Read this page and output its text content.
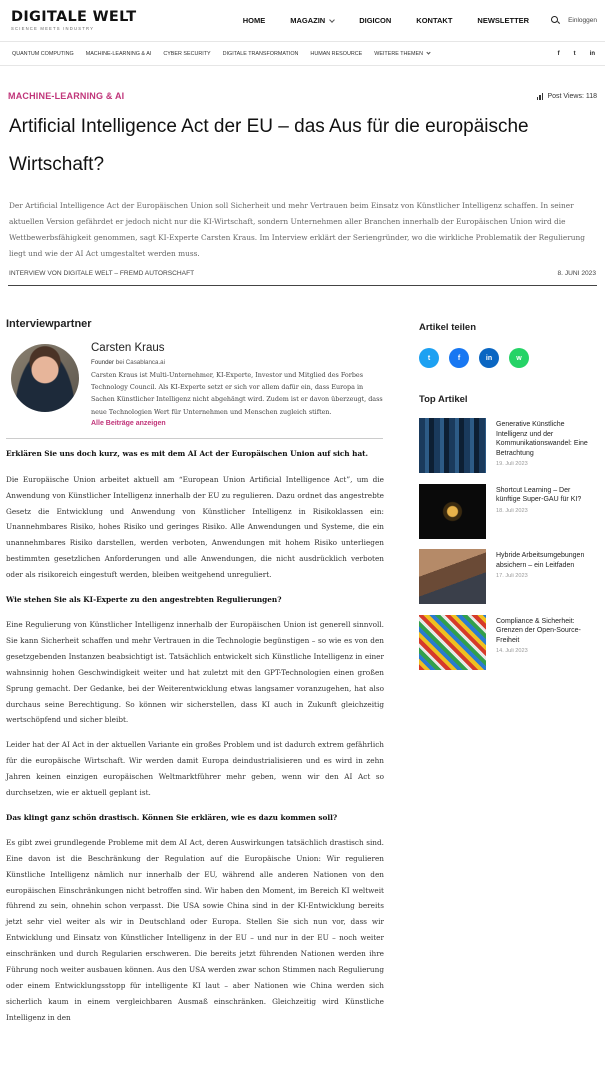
DIGITALE WELT
SCIENCE MEETS INDUSTRY
HOME	MAGAZIN	DIGICON	KONTAKT	NEWSLETTER	Einloggen
QUANTUM COMPUTING MACHINE-LEARNING & AI CYBER SECURITY DIGITALE TRANSFORMATION HUMAN RESOURCE WEITERE THEMEN	f t in
MACHINE-LEARNING & AI	Post Views: 118
Artificial Intelligence Act der EU – das Aus für die europäische Wirtschaft?

Der Artificial Intelligence Act der Europäischen Union soll Sicherheit und mehr Vertrauen beim Einsatz von Künstlicher Intelligenz schaffen. In seiner aktuellen Version gefährdet er jedoch nicht nur die KI-Wirtschaft, sondern Unternehmen aller Branchen innerhalb der Europäischen Union wird die Wettbewerbsfähigkeit genommen, sagt KI-Experte Carsten Kraus. Im Interview erklärt der Seriengründer, wo die wirkliche Problematik der Regulierung liegt und wie der AI Act umgestaltet werden muss.

INTERVIEW VON DIGITALE WELT – FREMD AUTORSCHAFT	8. JUNI 2023
Interviewpartner
Carsten Kraus
Founder bei Casablanca.ai
Carsten Kraus ist Multi-Unternehmer, KI-Experte, Investor und Mitglied des Forbes Technology Council. Als KI-Experte setzt er sich vor allem dafür ein, dass Europa in Sachen Künstlicher Intelligenz nicht abgehängt wird. Zudem ist er davon überzeugt, dass neue Technologien Wert für Unternehmen und Menschen zugleich stiften.
Alle Beiträge anzeigen

Erklären Sie uns doch kurz, was es mit dem AI Act der Europäischen Union auf sich hat.

Die Europäische Union arbeitet aktuell am “European Union Artificial Intelligence Act”, um die Anwendung von Künstlicher Intelligenz innerhalb der EU zu regulieren. Dazu ordnet das angestrebte Gesetz die Entwicklung und Anwendung von Künstlicher Intelligenz in Risikoklassen ein: Unannehmbares Risiko, hohes Risiko und geringes Risiko. Alle Anwendungen und Systeme, die ein unannehmbares Risiko darstellen, werden verboten, Anwendungen mit hohem Risiko unterliegen bestimmten gesetzlichen Anforderungen und alle Anwendungen, die nicht ausdrücklich verboten oder als risikoreich eingestuft werden, bleiben weitgehend unreguliert.

Wie stehen Sie als KI-Experte zu den angestrebten Regulierungen?

Eine Regulierung von Künstlicher Intelligenz innerhalb der Europäischen Union ist generell sinnvoll. Sie kann Sicherheit schaffen und mehr Vertrauen in die Technologie begünstigen – so wie es von den gesetzgebenden Instanzen beabsichtigt ist. Tatsächlich entwickelt sich Künstliche Intelligenz in einer wahnsinnig hohen Geschwindigkeit weiter und hat zuletzt mit den GPT-Technologien einen großen Sprung gemacht. Der Gedanke, bei der Weiterentwicklung etwas langsamer voranzugehen, hat also durchaus seine Berechtigung. So können wir sicherstellen, dass KI auch in Zukunft gleichzeitig wertschöpfend und sicher bleibt.

Leider hat der AI Act in der aktuellen Variante ein großes Problem und ist dadurch extrem gefährlich für die europäische Wirtschaft. Wir werden damit Europa deindustrialisieren und es wird in zehn Jahren keinen einzigen europäischen Weltmarktführer mehr geben, wenn wir den AI Act so durchsetzen, wie er aktuell geplant ist.

Das klingt ganz schön drastisch. Können Sie erklären, wie es dazu kommen soll?

Es gibt zwei grundlegende Probleme mit dem AI Act, deren Auswirkungen tatsächlich drastisch sind. Eine davon ist die Beschränkung der Regulation auf die Europäische Union: Wir regulieren Künstliche Intelligenz nämlich nur innerhalb der EU, während alle anderen Nationen von den europäischen Einschränkungen nicht betroffen sind. Wir haben den Moment, im Bereich KI weltweit führend zu sein, ohnehin schon verpasst. Die USA sowie China sind in der KI-Entwicklung bereits jetzt sehr viel weiter als wir in Deutschland oder Europa. Stellen Sie sich nun vor, dass wir Entwicklung und Einsatz von Künstlicher Intelligenz in der EU – und nur in der EU – noch weiter einschränken und durch Regularien erschweren. Die bereits jetzt führenden Nationen werden ihre Führung noch weiter ausbauen können. Aus den USA werden zwar schon Stimmen nach Regulierung oder einem Entwicklungsstopp für intelligente KI laut – aber Nationen wie China werden sich sicherlich kaum in einem vergleichbaren Ausmaß einschränken. Gleichzeitig wird Künstliche Intelligenz in den

Artikel teilen
t	f	in	w
Top Artikel
Generative Künstliche Intelligenz und der Kommunikationswandel: Eine Betrachtung
19. Juli 2023
Shortcut Learning – Der künftige Super-GAU für KI?
18. Juli 2023
Hybride Arbeitsumgebungen absichern – ein Leitfaden
17. Juli 2023
Compliance & Sicherheit: Grenzen der Open-Source-Freiheit
14. Juli 2023
